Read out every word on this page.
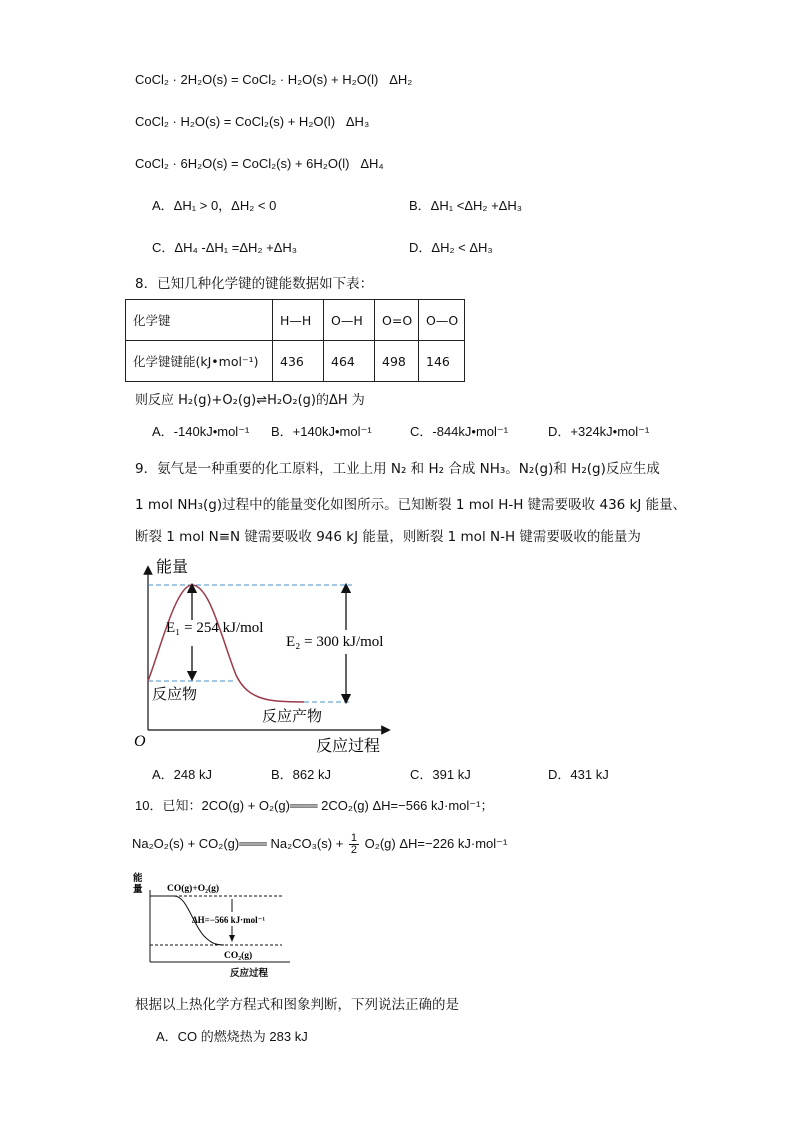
CoCl₂ · 2H₂O(s) = CoCl₂ · H₂O(s) + H₂O(l) ΔH₂
CoCl₂ · H₂O(s) = CoCl₂(s) + H₂O(l) ΔH₃
CoCl₂ · 6H₂O(s) = CoCl₂(s) + 6H₂O(l) ΔH₄
A．ΔH₁ > 0，ΔH₂ < 0	B．ΔH₁ <ΔH₂ +ΔH₃
C．ΔH₄ -ΔH₁ =ΔH₂ +ΔH₃	D．ΔH₂ < ΔH₃
8．已知几种化学键的键能数据如下表：
化学键	H—H	O—H	O=O	O—O
化学键键能(kJ•mol⁻¹)	436	464	498	146
则反应 H₂(g)+O₂(g)⇌H₂O₂(g)的ΔH 为
A．-140kJ•mol⁻¹ B．+140kJ•mol⁻¹	C．-844kJ•mol⁻¹	D．+324kJ•mol⁻¹
9．氨气是一种重要的化工原料，工业上用 N₂ 和 H₂ 合成 NH₃。N₂(g)和 H₂(g)反应生成
1 mol NH₃(g)过程中的能量变化如图所示。已知断裂 1 mol H-H 键需要吸收 436 kJ 能量、
断裂 1 mol N≡N 键需要吸收 946 kJ 能量，则断裂 1 mol N-H 键需要吸收的能量为
能量
O	反应过程
E₁ = 254 kJ/mol
E₂ = 300 kJ/mol
反应物
反应产物
A．248 kJ	B．862 kJ	C．391 kJ	D．431 kJ
10．已知：2CO(g) + O₂(g)═══ 2CO₂(g) ΔH=−566 kJ·mol⁻¹；
Na₂O₂(s) + CO₂(g)═══ $Na_2CO_3(s) + \frac{1}{2} O_2(g)$ ΔH=−226 kJ·mol⁻¹
能
量	CO(g)+O₂(g)
ΔH=−566 kJ·mol⁻¹
CO₂(g)
反应过程
根据以上热化学方程式和图象判断，下列说法正确的是
A．CO 的燃烧热为 283 kJ
